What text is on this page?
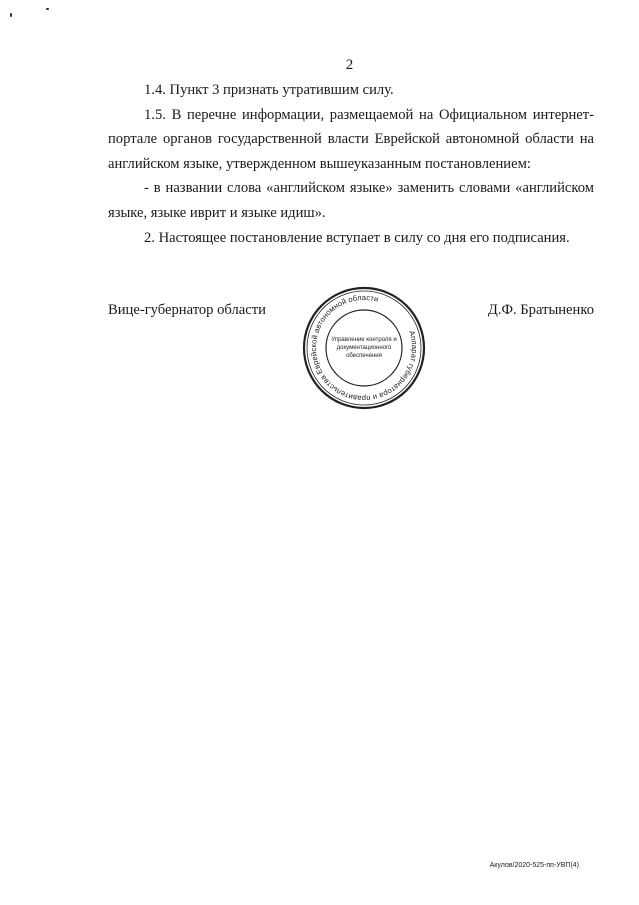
2

1.4. Пункт 3 признать утратившим силу.

1.5. В перечне информации, размещаемой на Официальном интернет-портале органов государственной власти Еврейской автономной области на английском языке, утвержденном вышеуказанным постановлением:

- в названии слова «английском языке» заменить словами «английском языке, языке иврит и языке идиш».

2. Настоящее постановление вступает в силу со дня его подписания.

Вице-губернатор области	Д.Ф. Братыненко
Аппарат губернатора и правительства Еврейской автономной области
Управление контроля и
документационного
обеспечения
Акулов/2020-525-пп-УВП(4)
